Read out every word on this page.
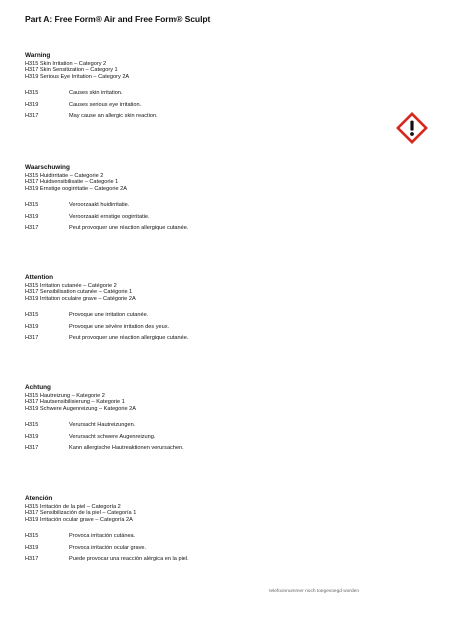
Part A: Free Form® Air and Free Form® Sculpt
Warning
H315 Skin Irritation – Category 2
H317 Skin Sensitization – Category 1
H319 Serious Eye Irritation – Category 2A
H315	Causes skin irritation.
H319	Causes serious eye irritation.
H317	May cause an allergic skin reaction.
Waarschuwing
H315 Huidirritatie – Categorie 2
H317 Huidsensibilisatie – Categorie 1
H319 Ernstige oogirritatie – Categorie 2A
H315	Veroorzaakt huidirritatie.
H319	Veroorzaakt ernstige oogirritatie.
H317	Peut provoquer une réaction allergique cutanée.
Attention
H315 Irritation cutanée – Catégorie 2
H317 Sensibilisation cutanée – Catégorie 1
H319 Irritation oculaire grave – Catégorie 2A
H315	Provoque une irritation cutanée.
H319	Provoque une sévère irritation des yeux.
H317	Peut provoquer une réaction allergique cutanée.
Achtung
H315 Hautreizung – Kategorie 2
H317 Hautsensibilisierung – Kategorie 1
H319 Schwere Augenreizung – Kategorie 2A
H315	Verursacht Hautreizungen.
H319	Verursacht schwere Augenreizung.
H317	Kann allergische Hautreaktionen verursachen.
Atención
H315 Irritación de la piel – Categoría 2
H317 Sensibilización de la piel – Categoría 1
H319 Irritación ocular grave – Categoría 2A
H315	Provoca irritación cutánea.
H319	Provoca irritación ocular grave.
H317	Puede provocar una reacción alérgica en la piel.
telefoonnummer noch toegevoegd worden
